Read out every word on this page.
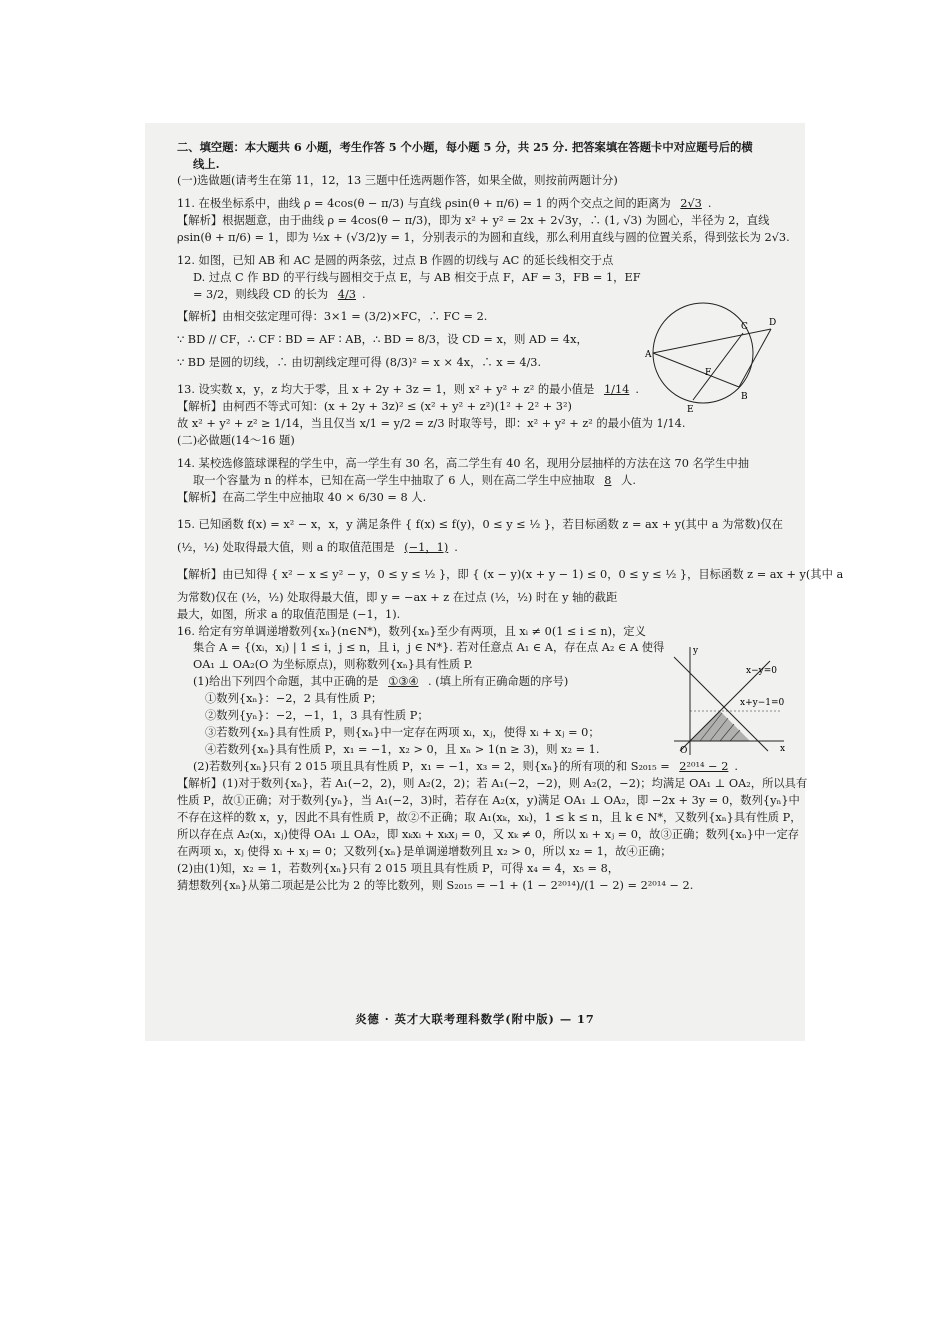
二、填空题：本大题共 6 小题，考生作答 5 个小题，每小题 5 分，共 25 分. 把答案填在答题卡中对应题号后的横
线上.
(一)选做题(请考生在第 11，12，13 三题中任选两题作答，如果全做，则按前两题计分)
11. 在极坐标系中，曲线 ρ = 4cos(θ − π/3) 与直线 ρsin(θ + π/6) = 1 的两个交点之间的距离为 2√3 .
【解析】根据题意，由于曲线 ρ = 4cos(θ − π/3)，即为 x² + y² = 2x + 2√3y，∴ (1, √3) 为圆心，半径为 2，直线
ρsin(θ + π/6) = 1，即为 ½x + (√3/2)y = 1，分别表示的为圆和直线，那么利用直线与圆的位置关系，得到弦长为 2√3.
12. 如图，已知 AB 和 AC 是圆的两条弦，过点 B 作圆的切线与 AC 的延长线相交于点
D. 过点 C 作 BD 的平行线与圆相交于点 E，与 AB 相交于点 F，AF = 3，FB = 1，EF
= 3/2，则线段 CD 的长为 4/3 .
【解析】由相交弦定理可得：3×1 = (3/2)×FC，∴ FC = 2.
∵ BD // CF，∴ CF ∶ BD = AF ∶ AB，∴ BD = 8/3，设 CD = x，则 AD = 4x，
∵ BD 是圆的切线，∴ 由切割线定理可得 (8/3)² = x × 4x，∴ x = 4/3.
13. 设实数 x，y，z 均大于零，且 x + 2y + 3z = 1，则 x² + y² + z² 的最小值是 1/14 .
【解析】由柯西不等式可知：(x + 2y + 3z)² ≤ (x² + y² + z²)(1² + 2² + 3²)
故 x² + y² + z² ≥ 1/14，当且仅当 x/1 = y/2 = z/3 时取等号，即：x² + y² + z² 的最小值为 1/14.
(二)必做题(14～16 题)
14. 某校选修篮球课程的学生中，高一学生有 30 名，高二学生有 40 名，现用分层抽样的方法在这 70 名学生中抽
取一个容量为 n 的样本，已知在高一学生中抽取了 6 人，则在高二学生中应抽取 8 人.
【解析】在高二学生中应抽取 40 × 6/30 = 8 人.
15. 已知函数 f(x) = x² − x，x，y 满足条件 { f(x) ≤ f(y)，0 ≤ y ≤ ½ }，若目标函数 z = ax + y(其中 a 为常数)仅在
(½，½) 处取得最大值，则 a 的取值范围是 (−1，1) .
【解析】由已知得 { x² − x ≤ y² − y，0 ≤ y ≤ ½ }，即 { (x − y)(x + y − 1) ≤ 0，0 ≤ y ≤ ½ }，目标函数 z = ax + y(其中 a
为常数)仅在 (½，½) 处取得最大值，即 y = −ax + z 在过点 (½，½) 时在 y 轴的截距
最大，如图，所求 a 的取值范围是 (−1，1).
16. 给定有穷单调递增数列{xₙ}(n∈N*)，数列{xₙ}至少有两项，且 xᵢ ≠ 0(1 ≤ i ≤ n)，定义
集合 A = {(xᵢ，xⱼ) | 1 ≤ i，j ≤ n，且 i，j ∈ N*}. 若对任意点 A₁ ∈ A，存在点 A₂ ∈ A 使得
OA₁ ⊥ OA₂(O 为坐标原点)，则称数列{xₙ}具有性质 P.
(1)给出下列四个命题，其中正确的是 ①③④ . (填上所有正确命题的序号)
①数列{xₙ}：−2，2 具有性质 P；
②数列{yₙ}：−2，−1，1，3 具有性质 P；
③若数列{xₙ}具有性质 P，则{xₙ}中一定存在两项 xᵢ，xⱼ，使得 xᵢ + xⱼ = 0；
④若数列{xₙ}具有性质 P，x₁ = −1，x₂ > 0，且 xₙ > 1(n ≥ 3)，则 x₂ = 1.
(2)若数列{xₙ}只有 2 015 项且具有性质 P，x₁ = −1，x₃ = 2，则{xₙ}的所有项的和 S₂₀₁₅ = 2²⁰¹⁴ − 2 .
【解析】(1)对于数列{xₙ}，若 A₁(−2，2)，则 A₂(2，2)；若 A₁(−2，−2)，则 A₂(2，−2)；均满足 OA₁ ⊥ OA₂，所以具有
性质 P，故①正确；对于数列{yₙ}，当 A₁(−2，3)时，若存在 A₂(x，y)满足 OA₁ ⊥ OA₂，即 −2x + 3y = 0，数列{yₙ}中
不存在这样的数 x，y，因此不具有性质 P，故②不正确；取 A₁(xₖ，xₖ)，1 ≤ k ≤ n，且 k ∈ N*，又数列{xₙ}具有性质 P，
所以存在点 A₂(xᵢ，xⱼ)使得 OA₁ ⊥ OA₂，即 xₖxᵢ + xₖxⱼ = 0，又 xₖ ≠ 0，所以 xᵢ + xⱼ = 0，故③正确；数列{xₙ}中一定存
在两项 xᵢ，xⱼ 使得 xᵢ + xⱼ = 0；又数列{xₙ}是单调递增数列且 x₂ > 0，所以 x₂ = 1，故④正确；
(2)由(1)知，x₂ = 1，若数列{xₙ}只有 2 015 项且具有性质 P，可得 x₄ = 4，x₅ = 8，
猜想数列{xₙ}从第二项起是公比为 2 的等比数列，则 S₂₀₁₅ = −1 + (1 − 2²⁰¹⁴)/(1 − 2) = 2²⁰¹⁴ − 2.
A
B
C D
E
F
x−y=0
x+y−1=0
x
y
O
炎德 · 英才大联考理科数学(附中版) — 17
